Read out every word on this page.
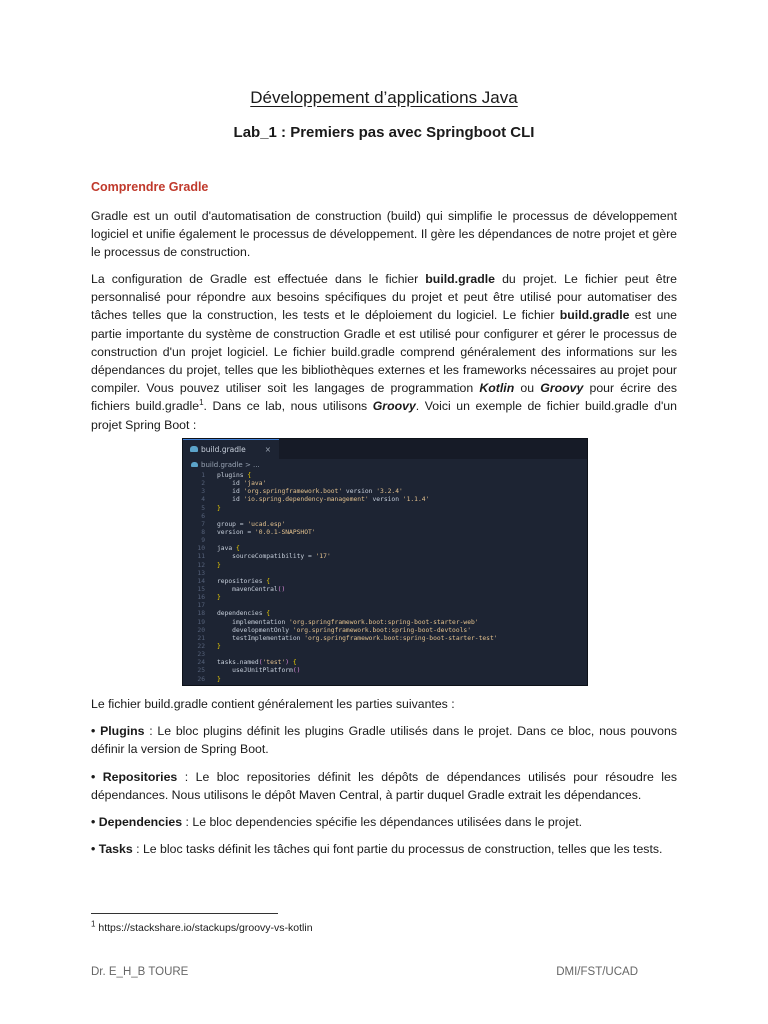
Développement d’applications Java
Lab_1 : Premiers pas avec Springboot CLI
Comprendre Gradle

Gradle est un outil d'automatisation de construction (build) qui simplifie le processus de développement logiciel et unifie également le processus de développement. Il gère les dépendances de notre projet et gère le processus de construction.

La configuration de Gradle est effectuée dans le fichier build.gradle du projet. Le fichier peut être personnalisé pour répondre aux besoins spécifiques du projet et peut être utilisé pour automatiser des tâches telles que la construction, les tests et le déploiement du logiciel. Le fichier build.gradle est une partie importante du système de construction Gradle et est utilisé pour configurer et gérer le processus de construction d'un projet logiciel. Le fichier build.gradle comprend généralement des informations sur les dépendances du projet, telles que les bibliothèques externes et les frameworks nécessaires au projet pour compiler. Vous pouvez utiliser soit les langages de programmation Kotlin ou Groovy pour écrire des fichiers build.gradle$^1$. Dans ce lab, nous utilisons Groovy. Voici un exemple de fichier build.gradle d'un projet Spring Boot :

build.gradle	×
build.gradle > ...
1 plugins {
2    id 'java'
3    id 'org.springframework.boot' version '3.2.4'
4    id 'io.spring.dependency-management' version '1.1.4'
5 }
6
7 group = 'ucad.esp'
8 version = '0.0.1-SNAPSHOT'
9
10 java {
11    sourceCompatibility = '17'
12 }
13
14 repositories {
15    mavenCentral()
16 }
17
18 dependencies {
19    implementation 'org.springframework.boot:spring-boot-starter-web'
20    developmentOnly 'org.springframework.boot:spring-boot-devtools'
21    testImplementation 'org.springframework.boot:spring-boot-starter-test'
22 }
23
24 tasks.named('test') {
25    useJUnitPlatform()
26 }

Le fichier build.gradle contient généralement les parties suivantes :

• Plugins : Le bloc plugins définit les plugins Gradle utilisés dans le projet. Dans ce bloc, nous pouvons définir la version de Spring Boot.

• Repositories : Le bloc repositories définit les dépôts de dépendances utilisés pour résoudre les dépendances. Nous utilisons le dépôt Maven Central, à partir duquel Gradle extrait les dépendances.

• Dependencies : Le bloc dependencies spécifie les dépendances utilisées dans le projet.

• Tasks : Le bloc tasks définit les tâches qui font partie du processus de construction, telles que les tests.

$^1$ https://stackshare.io/stackups/groovy-vs-kotlin
Dr. E_H_B TOURE	DMI/FST/UCAD
